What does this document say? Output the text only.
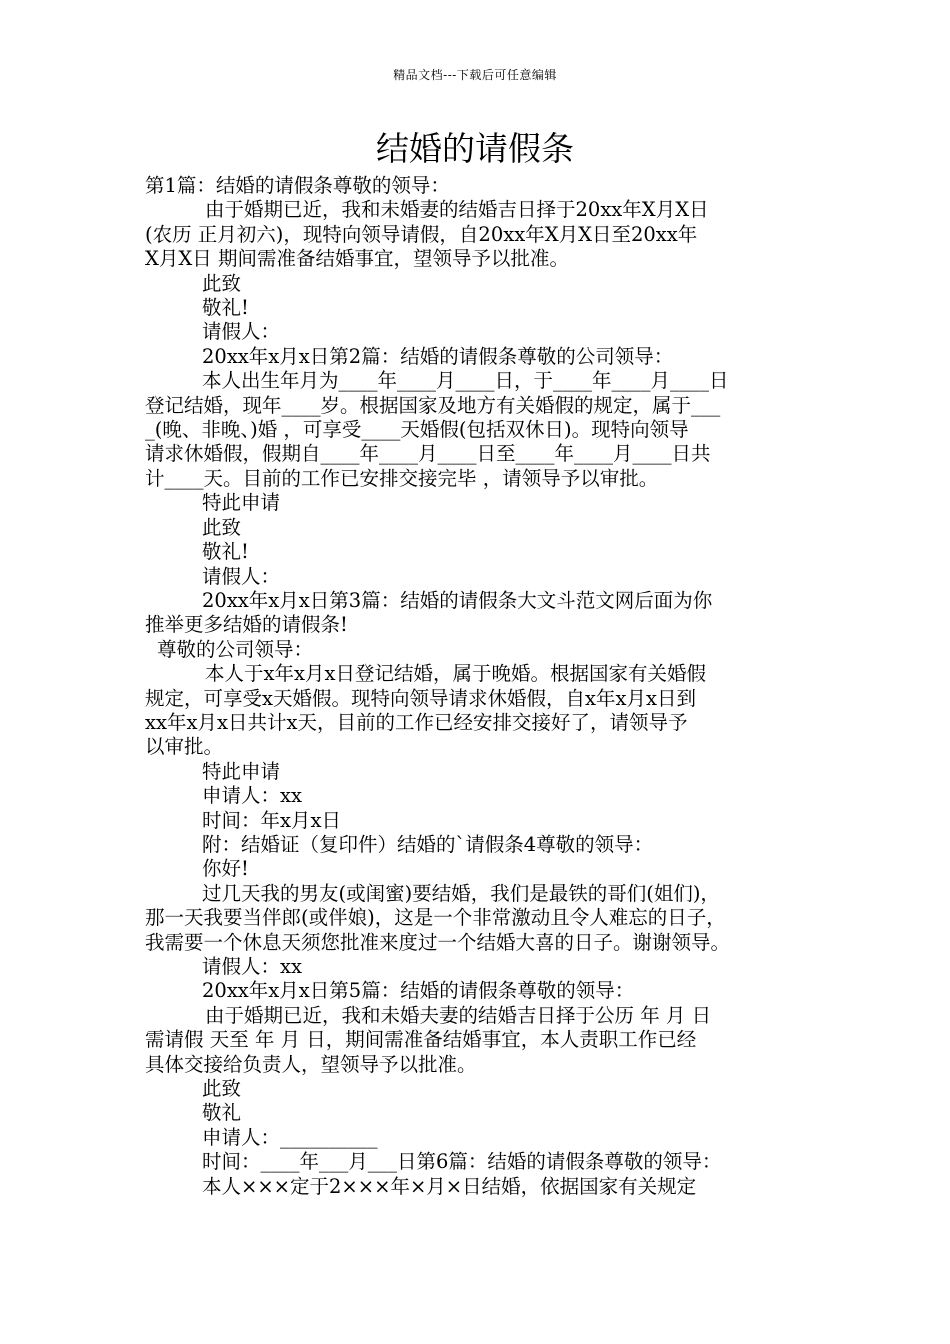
精品文档---下载后可任意编辑
结婚的请假条
第1篇：结婚的请假条尊敬的领导：
由于婚期已近，我和未婚妻的结婚吉日择于20xx年X月X日
(农历 正月初六)，现特向领导请假，自20xx年X月X日至20xx年
X月X日 期间需准备结婚事宜，望领导予以批准。
此致
敬礼!
请假人：
20xx年x月x日第2篇：结婚的请假条尊敬的公司领导：
本人出生年月为____年____月____日，于____年____月____日
登记结婚，现年____岁。根据国家及地方有关婚假的规定，属于___
_(晚、非晚、)婚 ，可享受____天婚假(包括双休日)。现特向领导
请求休婚假，假期自____年____月____日至____年____月____日共
计____天。目前的工作已安排交接完毕 ，请领导予以审批。
特此申请
此致
敬礼!
请假人：
20xx年x月x日第3篇：结婚的请假条大文斗范文网后面为你
推举更多结婚的请假条!
尊敬的公司领导：
本人于x年x月x日登记结婚，属于晚婚。根据国家有关婚假
规定，可享受x天婚假。现特向领导请求休婚假，自x年x月x日到
xx年x月x日共计x天，目前的工作已经安排交接好了，请领导予
以审批。
特此申请
申请人：xx
时间：年x月x日
附：结婚证（复印件）结婚的`请假条4尊敬的领导：
你好!
过几天我的男友(或闺蜜)要结婚，我们是最铁的哥们(姐们)，
那一天我要当伴郎(或伴娘)，这是一个非常激动且令人难忘的日子，
我需要一个休息天须您批准来度过一个结婚大喜的日子。谢谢领导。
请假人：xx
20xx年x月x日第5篇：结婚的请假条尊敬的领导：
由于婚期已近，我和未婚夫妻的结婚吉日择于公历 年 月 日
需请假 天至 年 月 日，期间需准备结婚事宜，本人责职工作已经
具体交接给负责人，望领导予以批准。
此致
敬礼
申请人：__________
时间：____年___月___日第6篇：结婚的请假条尊敬的领导：
本人×××定于2×××年×月×日结婚，依据国家有关规定
